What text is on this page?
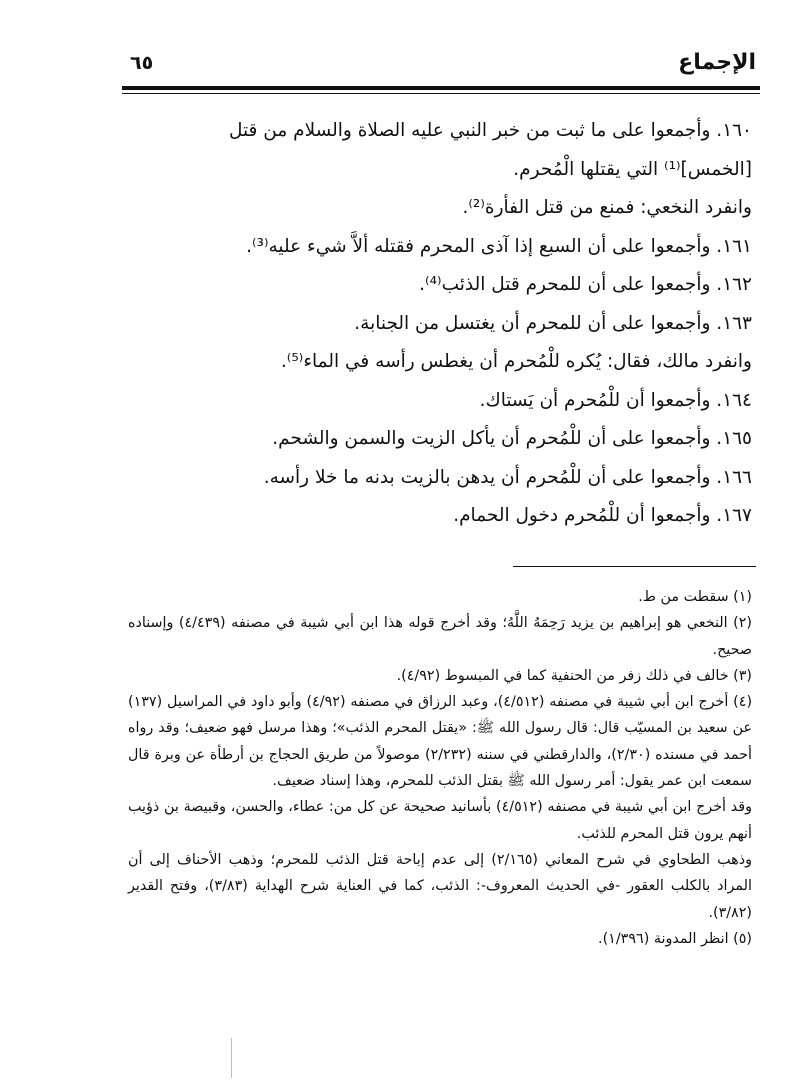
الإجماع
٦٥

١٦٠. وأجمعوا على ما ثبت من خبر النبي عليه الصلاة والسلام من قتل

[الخمس]⁽¹⁾ التي يقتلها الْمُحرم.

وانفرد النخعي: فمنع من قتل الفأرة⁽²⁾.

١٦١. وأجمعوا على أن السبع إذا آذى المحرم فقتله ألاَّ شيء عليه⁽³⁾.

١٦٢. وأجمعوا على أن للمحرم قتل الذئب⁽⁴⁾.

١٦٣. وأجمعوا على أن للمحرم أن يغتسل من الجنابة.

وانفرد مالك، فقال: يُكره للْمُحرم أن يغطس رأسه في الماء⁽⁵⁾.

١٦٤. وأجمعوا أن للْمُحرم أن يَستاك.

١٦٥. وأجمعوا على أن للْمُحرم أن يأكل الزيت والسمن والشحم.

١٦٦. وأجمعوا على أن للْمُحرم أن يدهن بالزيت بدنه ما خلا رأسه.

١٦٧. وأجمعوا أن للْمُحرم دخول الحمام.

(١) سقطت من ط.

(٢) النخعي هو إبراهيم بن يزيد رَحِمَهُ اللَّهُ؛ وقد أخرج قوله هذا ابن أبي شيبة في مصنفه (٤/٤٣٩) وإسناده صحيح.

(٣) خالف في ذلك زفر من الحنفية كما في المبسوط (٤/٩٢).

(٤) أخرج ابن أبي شيبة في مصنفه (٤/٥١٢)، وعبد الرزاق في مصنفه (٤/٩٢) وأبو داود في المراسيل (١٣٧) عن سعيد بن المسيّب قال: قال رسول الله ﷺ: «يقتل المحرم الذئب»؛ وهذا مرسل فهو ضعيف؛ وقد رواه أحمد في مسنده (٢/٣٠)، والدارقطني في سننه (٢/٢٣٢) موصولاً من طريق الحجاج بن أرطأة عن وبرة قال سمعت ابن عمر يقول: أمر رسول الله ﷺ بقتل الذئب للمحرم، وهذا إسناد ضعيف.

وقد أخرج ابن أبي شيبة في مصنفه (٤/٥١٢) بأسانيد صحيحة عن كل من: عطاء، والحسن، وقبيصة بن ذؤيب أنهم يرون قتل المحرم للذئب.

وذهب الطحاوي في شرح المعاني (٢/١٦٥) إلى عدم إباحة قتل الذئب للمحرم؛ وذهب الأحناف إلى أن المراد بالكلب العقور -في الحديث المعروف-: الذئب، كما في العناية شرح الهداية (٣/٨٣)، وفتح القدير (٣/٨٢).

(٥) انظر المدونة (١/٣٩٦).
